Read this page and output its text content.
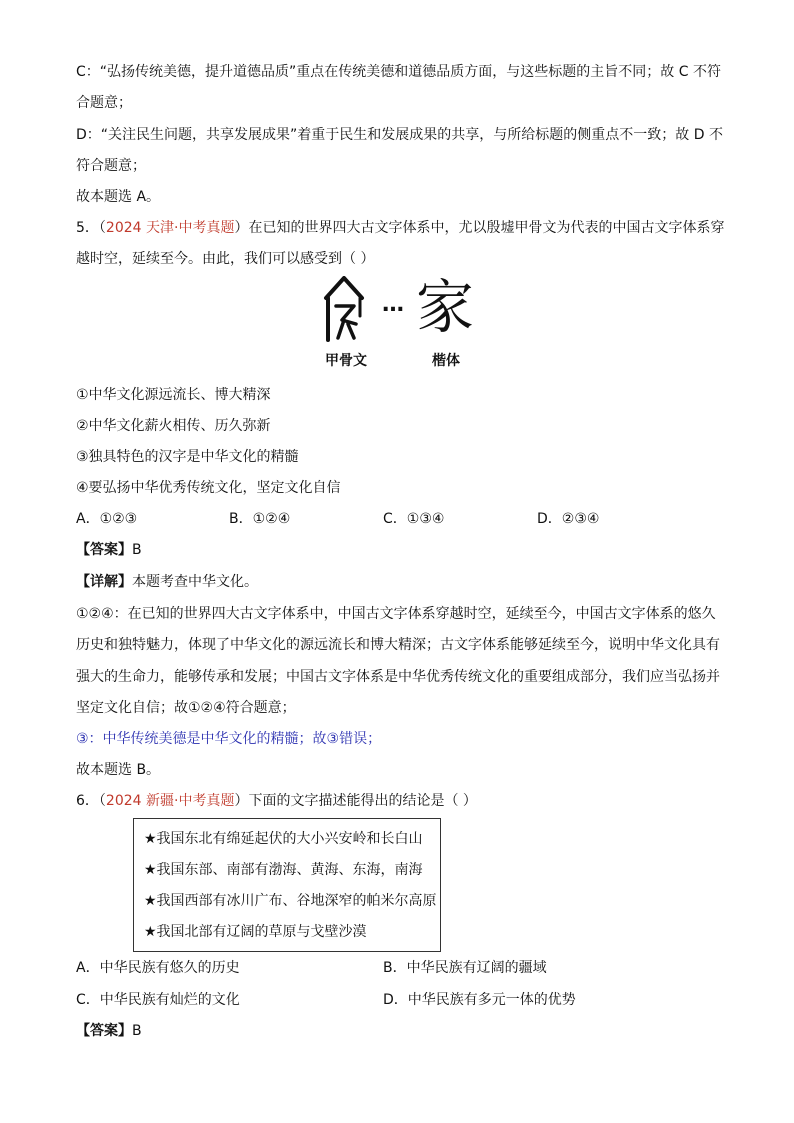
C：“弘扬传统美德，提升道德品质”重点在传统美德和道德品质方面，与这些标题的主旨不同；故 C 不符
合题意；
D：“关注民生问题，共享发展成果”着重于民生和发展成果的共享，与所给标题的侧重点不一致；故 D 不
符合题意；
故本题选 A。
5．（2024 天津·中考真题）在已知的世界四大古文字体系中，尤以殷墟甲骨文为代表的中国古文字体系穿
越时空，延续至今。由此，我们可以感受到（ ）
… 家
甲骨文	楷体
①中华文化源远流长、博大精深
②中华文化薪火相传、历久弥新
③独具特色的汉字是中华文化的精髓
④要弘扬中华优秀传统文化，坚定文化自信
A．①②③	B．①②④	C．①③④	D．②③④
【答案】B
【详解】本题考查中华文化。
①②④：在已知的世界四大古文字体系中，中国古文字体系穿越时空，延续至今，中国古文字体系的悠久
历史和独特魅力，体现了中华文化的源远流长和博大精深；古文字体系能够延续至今，说明中华文化具有
强大的生命力，能够传承和发展；中国古文字体系是中华优秀传统文化的重要组成部分，我们应当弘扬并
坚定文化自信；故①②④符合题意；
③：中华传统美德是中华文化的精髓；故③错误；
故本题选 B。
6．（2024 新疆·中考真题）下面的文字描述能得出的结论是（ ）
★我国东北有绵延起伏的大小兴安岭和长白山
★我国东部、南部有渤海、黄海、东海，南海
★我国西部有冰川广布、谷地深窄的帕米尔高原
★我国北部有辽阔的草原与戈壁沙漠
A．中华民族有悠久的历史	B．中华民族有辽阔的疆域
C．中华民族有灿烂的文化	D．中华民族有多元一体的优势
【答案】B
